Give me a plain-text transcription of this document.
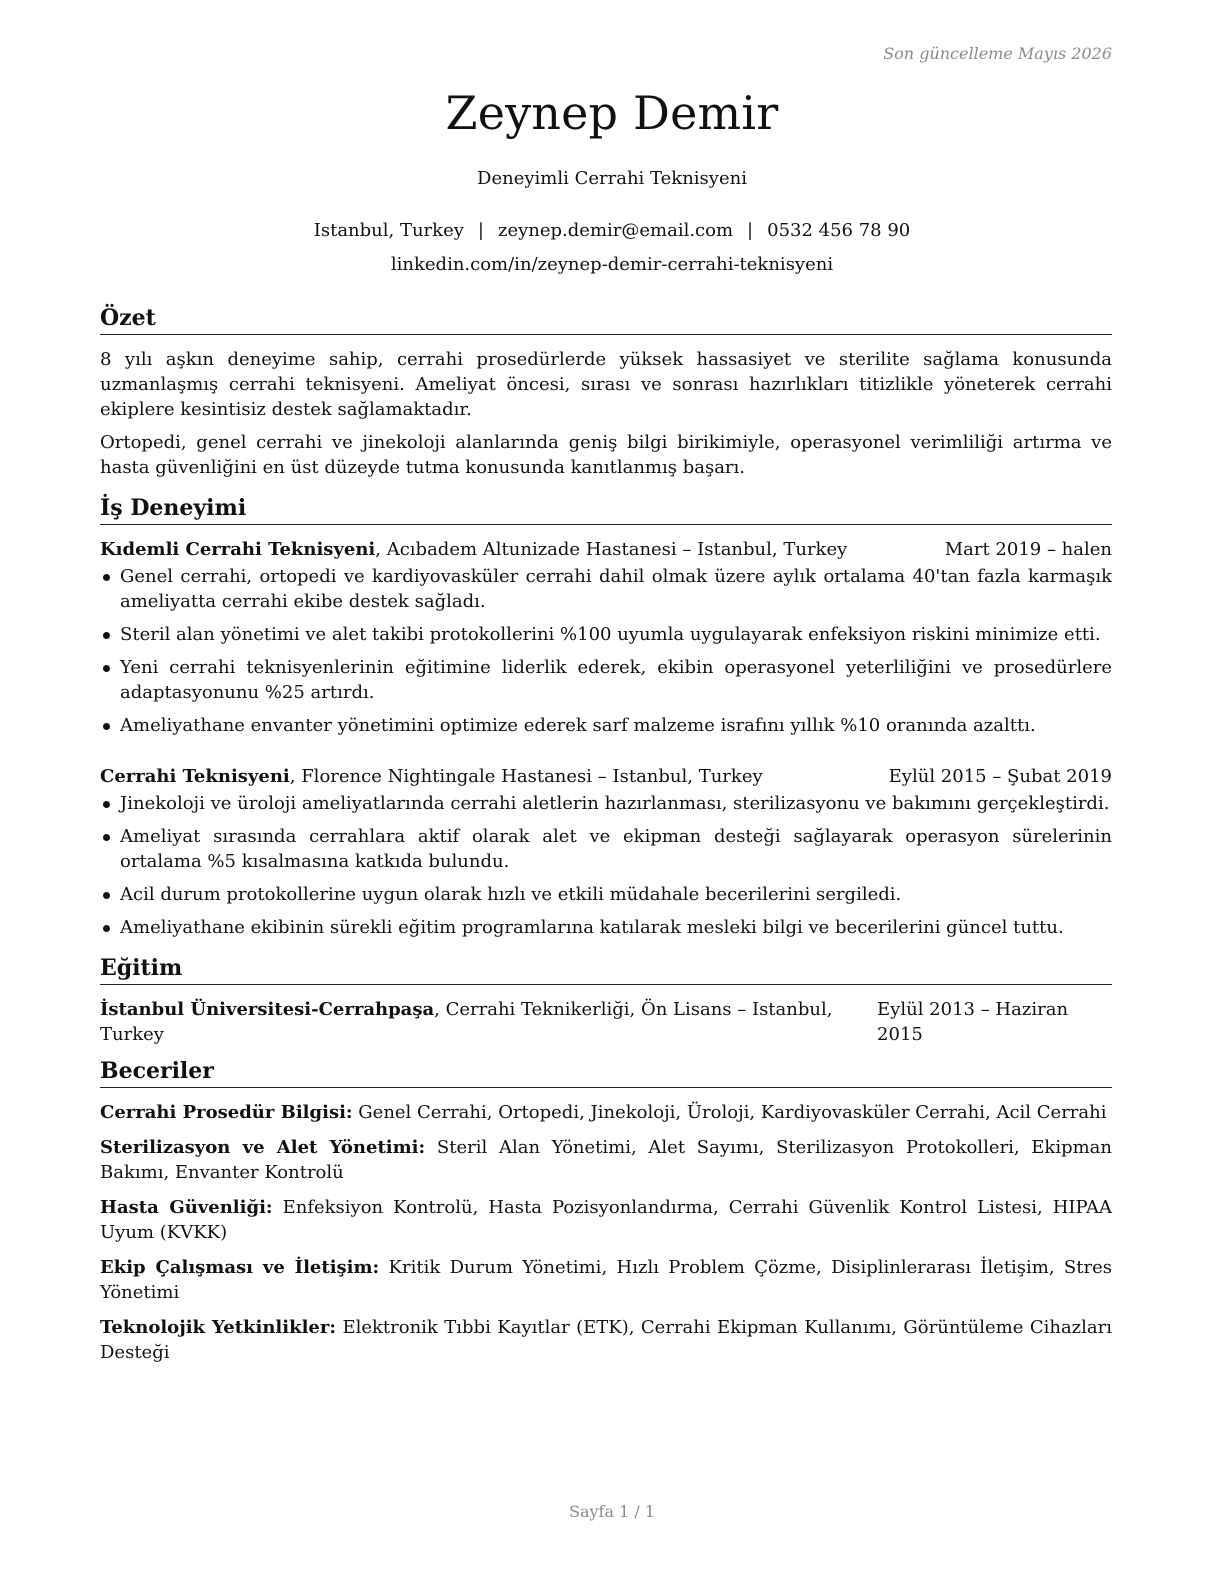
Son güncelleme Mayıs 2026
Zeynep Demir
Deneyimli Cerrahi Teknisyeni
Istanbul, Turkey | zeynep.demir@email.com | 0532 456 78 90
linkedin.com/in/zeynep-demir-cerrahi-teknisyeni
Özet

8 yılı aşkın deneyime sahip, cerrahi prosedürlerde yüksek hassasiyet ve sterilite sağlama konusunda uzmanlaşmış cerrahi teknisyeni. Ameliyat öncesi, sırası ve sonrası hazırlıkları titizlikle yöneterek cerrahi ekiplere kesintisiz destek sağlamaktadır.

Ortopedi, genel cerrahi ve jinekoloji alanlarında geniş bilgi birikimiyle, operasyonel verimliliği artırma ve hasta güvenliğini en üst düzeyde tutma konusunda kanıtlanmış başarı.

İş Deneyimi
Kıdemli Cerrahi Teknisyeni, Acıbadem Altunizade Hastanesi – Istanbul, Turkey	Mart 2019 – halen
Genel cerrahi, ortopedi ve kardiyovasküler cerrahi dahil olmak üzere aylık ortalama 40'tan fazla karmaşık ameliyatta cerrahi ekibe destek sağladı.
Steril alan yönetimi ve alet takibi protokollerini %100 uyumla uygulayarak enfeksiyon riskini minimize etti.
Yeni cerrahi teknisyenlerinin eğitimine liderlik ederek, ekibin operasyonel yeterliliğini ve prosedürlere adaptasyonunu %25 artırdı.
Ameliyathane envanter yönetimini optimize ederek sarf malzeme israfını yıllık %10 oranında azalttı.
Cerrahi Teknisyeni, Florence Nightingale Hastanesi – Istanbul, Turkey	Eylül 2015 – Şubat 2019
Jinekoloji ve üroloji ameliyatlarında cerrahi aletlerin hazırlanması, sterilizasyonu ve bakımını gerçekleştirdi.
Ameliyat sırasında cerrahlara aktif olarak alet ve ekipman desteği sağlayarak operasyon sürelerinin ortalama %5 kısalmasına katkıda bulundu.
Acil durum protokollerine uygun olarak hızlı ve etkili müdahale becerilerini sergiledi.
Ameliyathane ekibinin sürekli eğitim programlarına katılarak mesleki bilgi ve becerilerini güncel tuttu.
Eğitim
İstanbul Üniversitesi-Cerrahpaşa, Cerrahi Teknikerliği, Ön Lisans – Istanbul, Turkey
Eylül 2013 – Haziran 2015
Beceriler
Cerrahi Prosedür Bilgisi: Genel Cerrahi, Ortopedi, Jinekoloji, Üroloji, Kardiyovasküler Cerrahi, Acil Cerrahi
Sterilizasyon ve Alet Yönetimi: Steril Alan Yönetimi, Alet Sayımı, Sterilizasyon Protokolleri, Ekipman Bakımı, Envanter Kontrolü
Hasta Güvenliği: Enfeksiyon Kontrolü, Hasta Pozisyonlandırma, Cerrahi Güvenlik Kontrol Listesi, HIPAA Uyum (KVKK)
Ekip Çalışması ve İletişim: Kritik Durum Yönetimi, Hızlı Problem Çözme, Disiplinlerarası İletişim, Stres Yönetimi
Teknolojik Yetkinlikler: Elektronik Tıbbi Kayıtlar (ETK), Cerrahi Ekipman Kullanımı, Görüntüleme Cihazları Desteği
Sayfa 1 / 1
